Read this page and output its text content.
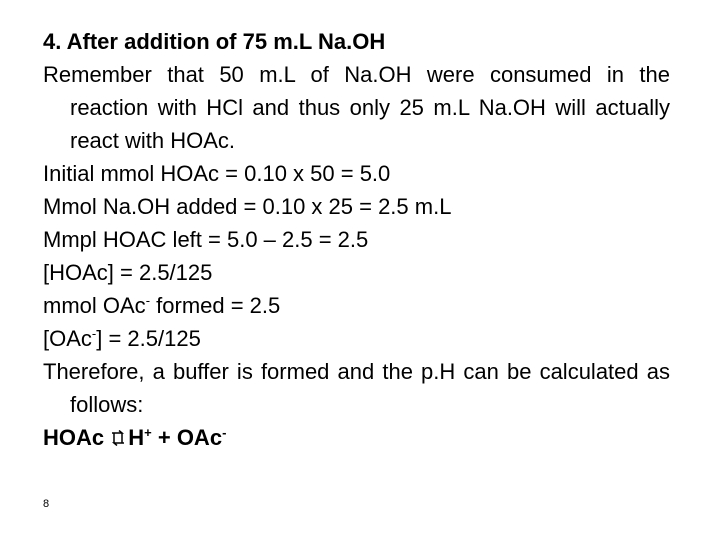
4. After addition of 75 m.L Na.OH

Remember that 50 m.L of Na.OH were consumed in the reaction with HCl and thus only 25 m.L Na.OH will actually react with HOAc.

Initial mmol HOAc = 0.10 x 50 = 5.0

Mmol Na.OH added = 0.10 x 25 = 2.5 m.L

Mmpl HOAC left = 5.0 – 2.5 = 2.5

[HOAc] = 2.5/125

mmol OAc- formed = 2.5

[OAc-] = 2.5/125

Therefore, a buffer is formed and the p.H can be calculated as follows:

HOAc ⇌ H+ + OAc-

8
